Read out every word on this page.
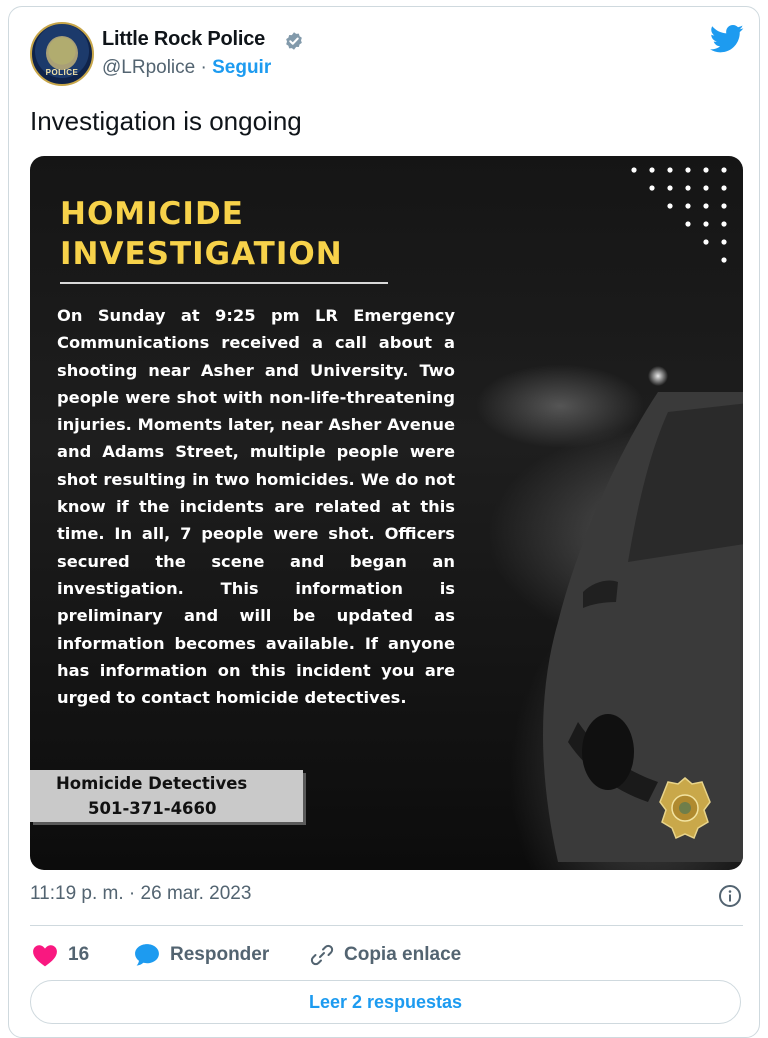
POLICE
Little Rock Police
@LRpolice · Seguir
Investigation is ongoing
HOMICIDE
INVESTIGATION
On Sunday at 9:25 pm LR Emergency Communications received a call about a shooting near Asher and University. Two people were shot with non-life-threatening injuries. Moments later, near Asher Avenue and Adams Street, multiple people were shot resulting in two homicides. We do not know if the incidents are related at this time. In all, 7 people were shot. Officers secured the scene and began an investigation. This information is preliminary and will be updated as information becomes available. If anyone has information on this incident you are urged to contact homicide detectives.
Homicide Detectives
501-371-4660
11:19 p. m. · 26 mar. 2023
16	Responder	Copia enlace
Leer 2 respuestas
